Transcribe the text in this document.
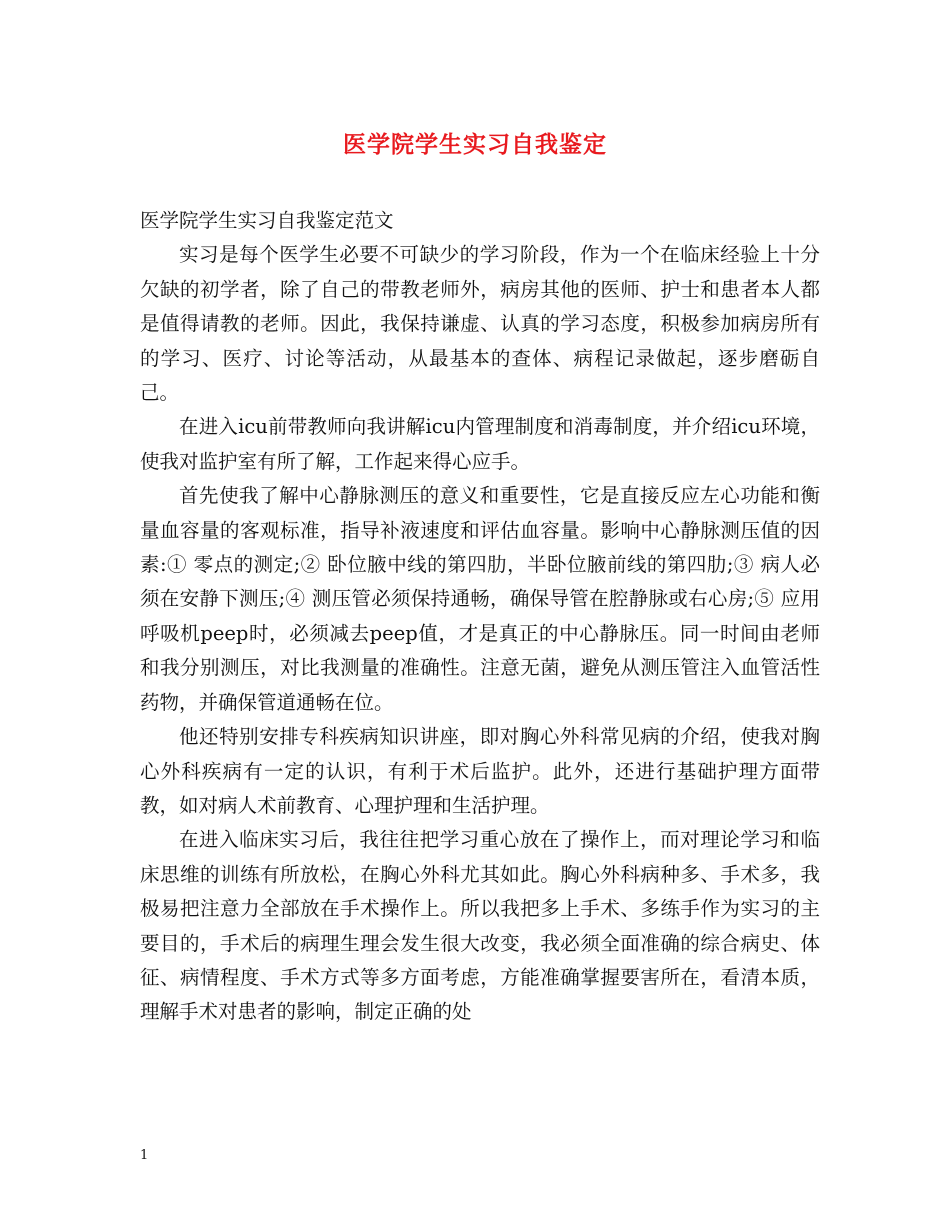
医学院学生实习自我鉴定

医学院学生实习自我鉴定范文

实习是每个医学生必要不可缺少的学习阶段，作为一个在临床经验上十分欠缺的初学者，除了自己的带教老师外，病房其他的医师、护士和患者本人都是值得请教的老师。因此，我保持谦虚、认真的学习态度，积极参加病房所有的学习、医疗、讨论等活动，从最基本的查体、病程记录做起，逐步磨砺自己。

在进入icu前带教师向我讲解icu内管理制度和消毒制度，并介绍icu环境，使我对监护室有所了解，工作起来得心应手。

首先使我了解中心静脉测压的意义和重要性，它是直接反应左心功能和衡量血容量的客观标准，指导补液速度和评估血容量。影响中心静脉测压值的因素:① 零点的测定;② 卧位腋中线的第四肋，半卧位腋前线的第四肋;③ 病人必须在安静下测压;④ 测压管必须保持通畅，确保导管在腔静脉或右心房;⑤ 应用呼吸机peep时，必须减去peep值，才是真正的中心静脉压。同一时间由老师和我分别测压，对比我测量的准确性。注意无菌，避免从测压管注入血管活性药物，并确保管道通畅在位。

他还特别安排专科疾病知识讲座，即对胸心外科常见病的介绍，使我对胸心外科疾病有一定的认识，有利于术后监护。此外，还进行基础护理方面带教，如对病人术前教育、心理护理和生活护理。

在进入临床实习后，我往往把学习重心放在了操作上，而对理论学习和临床思维的训练有所放松，在胸心外科尤其如此。胸心外科病种多、手术多，我极易把注意力全部放在手术操作上。所以我把多上手术、多练手作为实习的主要目的，手术后的病理生理会发生很大改变，我必须全面准确的综合病史、体征、病情程度、手术方式等多方面考虑，方能准确掌握要害所在，看清本质，理解手术对患者的影响，制定正确的处

1
